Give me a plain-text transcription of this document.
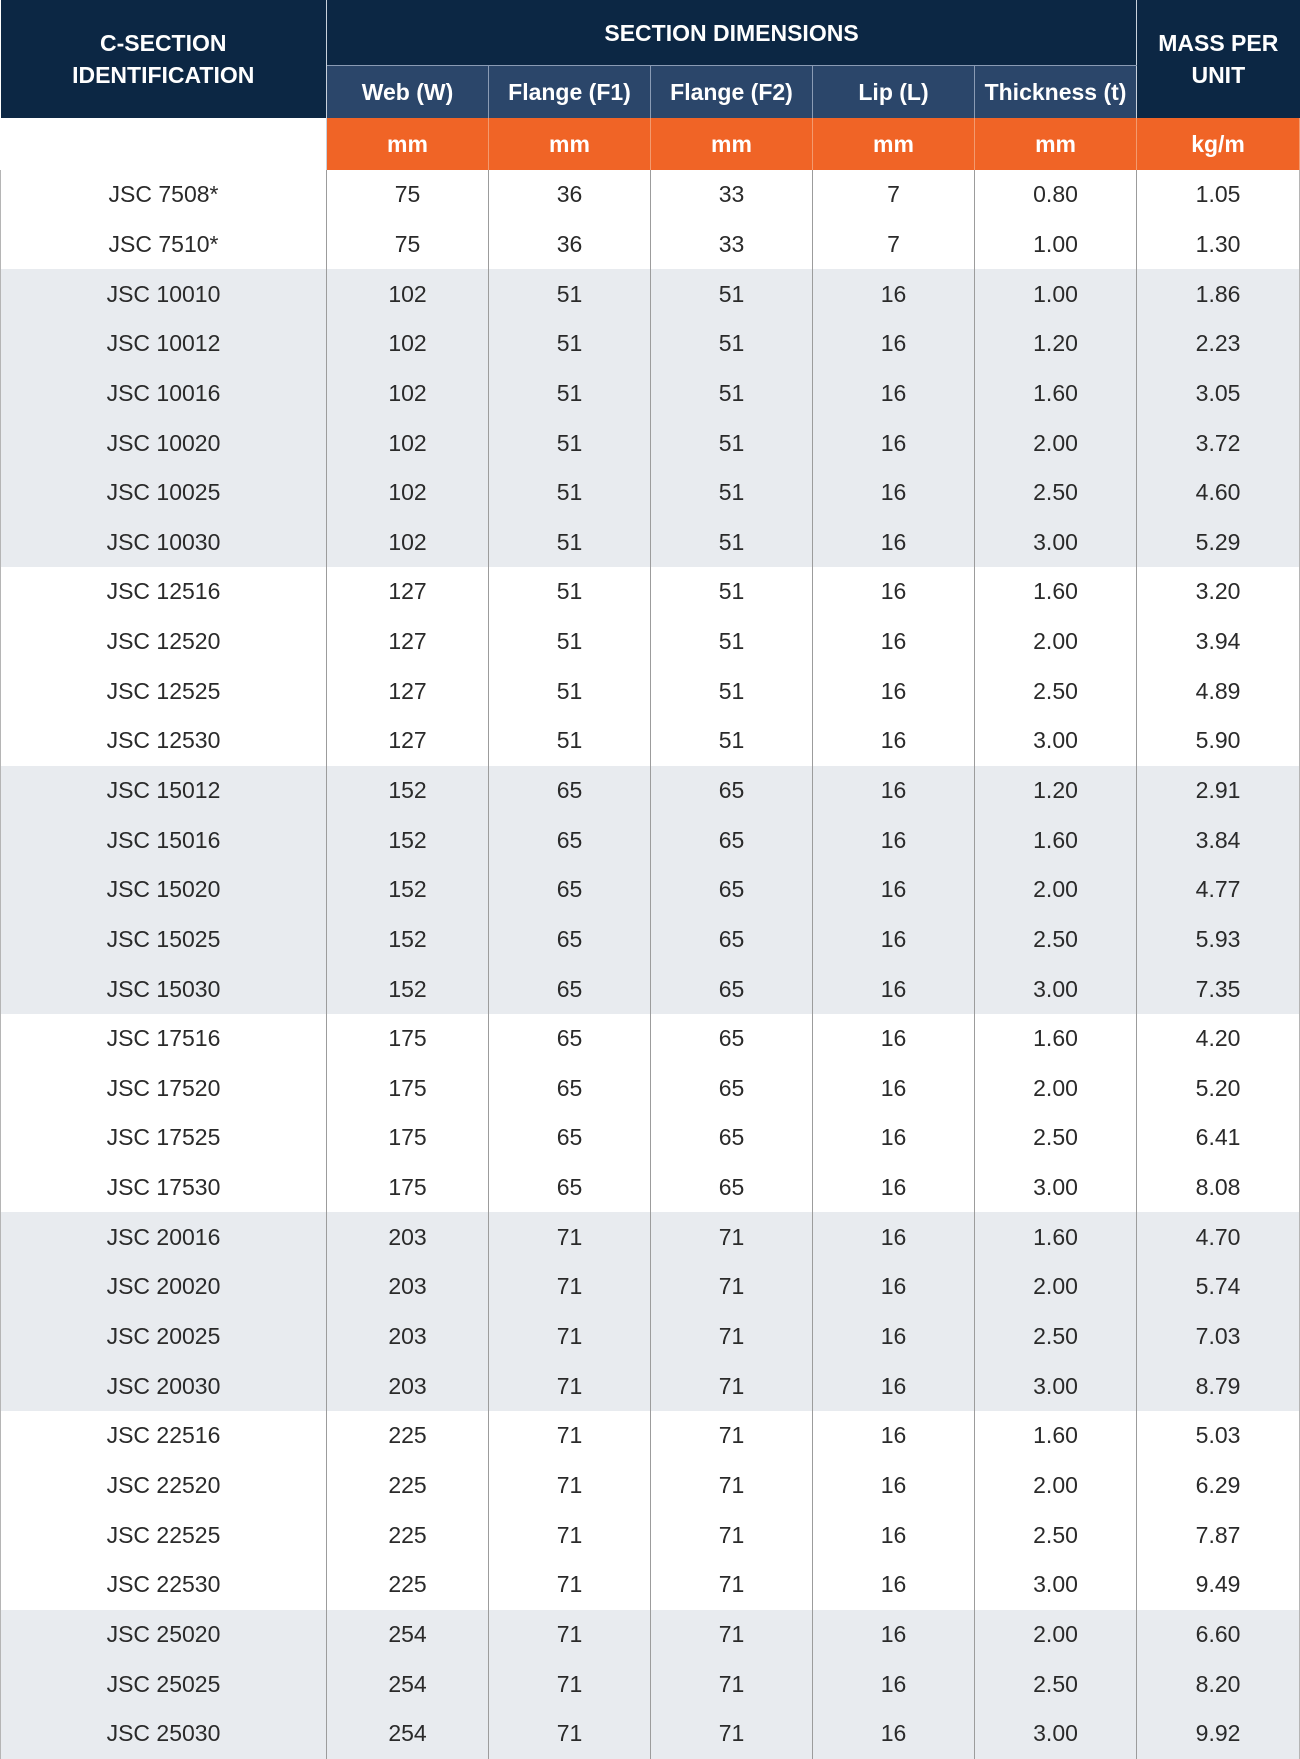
C-SECTION IDENTIFICATION	SECTION DIMENSIONS					MASS PER UNIT
	Web (W)	Flange (F1)	Flange (F2)	Lip (L)	Thickness (t)	
	mm	mm	mm	mm	mm	kg/m
JSC 7508*	75	36	33	7	0.80	1.05
JSC 7510*	75	36	33	7	1.00	1.30
JSC 10010	102	51	51	16	1.00	1.86
JSC 10012	102	51	51	16	1.20	2.23
JSC 10016	102	51	51	16	1.60	3.05
JSC 10020	102	51	51	16	2.00	3.72
JSC 10025	102	51	51	16	2.50	4.60
JSC 10030	102	51	51	16	3.00	5.29
JSC 12516	127	51	51	16	1.60	3.20
JSC 12520	127	51	51	16	2.00	3.94
JSC 12525	127	51	51	16	2.50	4.89
JSC 12530	127	51	51	16	3.00	5.90
JSC 15012	152	65	65	16	1.20	2.91
JSC 15016	152	65	65	16	1.60	3.84
JSC 15020	152	65	65	16	2.00	4.77
JSC 15025	152	65	65	16	2.50	5.93
JSC 15030	152	65	65	16	3.00	7.35
JSC 17516	175	65	65	16	1.60	4.20
JSC 17520	175	65	65	16	2.00	5.20
JSC 17525	175	65	65	16	2.50	6.41
JSC 17530	175	65	65	16	3.00	8.08
JSC 20016	203	71	71	16	1.60	4.70
JSC 20020	203	71	71	16	2.00	5.74
JSC 20025	203	71	71	16	2.50	7.03
JSC 20030	203	71	71	16	3.00	8.79
JSC 22516	225	71	71	16	1.60	5.03
JSC 22520	225	71	71	16	2.00	6.29
JSC 22525	225	71	71	16	2.50	7.87
JSC 22530	225	71	71	16	3.00	9.49
JSC 25020	254	71	71	16	2.00	6.60
JSC 25025	254	71	71	16	2.50	8.20
JSC 25030	254	71	71	16	3.00	9.92
